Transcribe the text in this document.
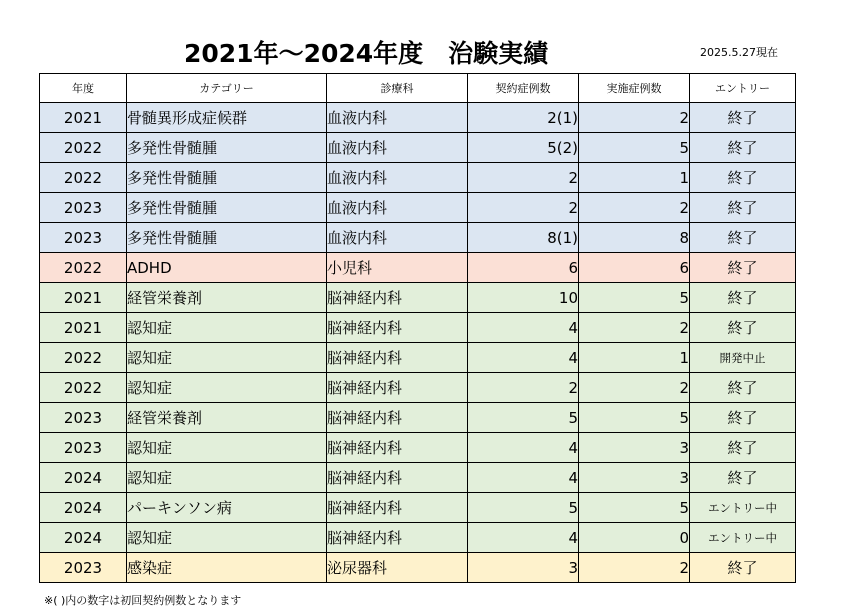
2021年～2024年度　治験実績	2025.5.27現在
年度	カテゴリー	診療科	契約症例数	実施症例数	エントリー
2021	骨髄異形成症候群	血液内科	2(1)	2	終了
2022	多発性骨髄腫	血液内科	5(2)	5	終了
2022	多発性骨髄腫	血液内科	2	1	終了
2023	多発性骨髄腫	血液内科	2	2	終了
2023	多発性骨髄腫	血液内科	8(1)	8	終了
2022	ADHD	小児科	6	6	終了
2021	経管栄養剤	脳神経内科	10	5	終了
2021	認知症	脳神経内科	4	2	終了
2022	認知症	脳神経内科	4	1	開発中止
2022	認知症	脳神経内科	2	2	終了
2023	経管栄養剤	脳神経内科	5	5	終了
2023	認知症	脳神経内科	4	3	終了
2024	認知症	脳神経内科	4	3	終了
2024	パーキンソン病	脳神経内科	5	5	エントリー中
2024	認知症	脳神経内科	4	0	エントリー中
2023	感染症	泌尿器科	3	2	終了
※( )内の数字は初回契約例数となります
